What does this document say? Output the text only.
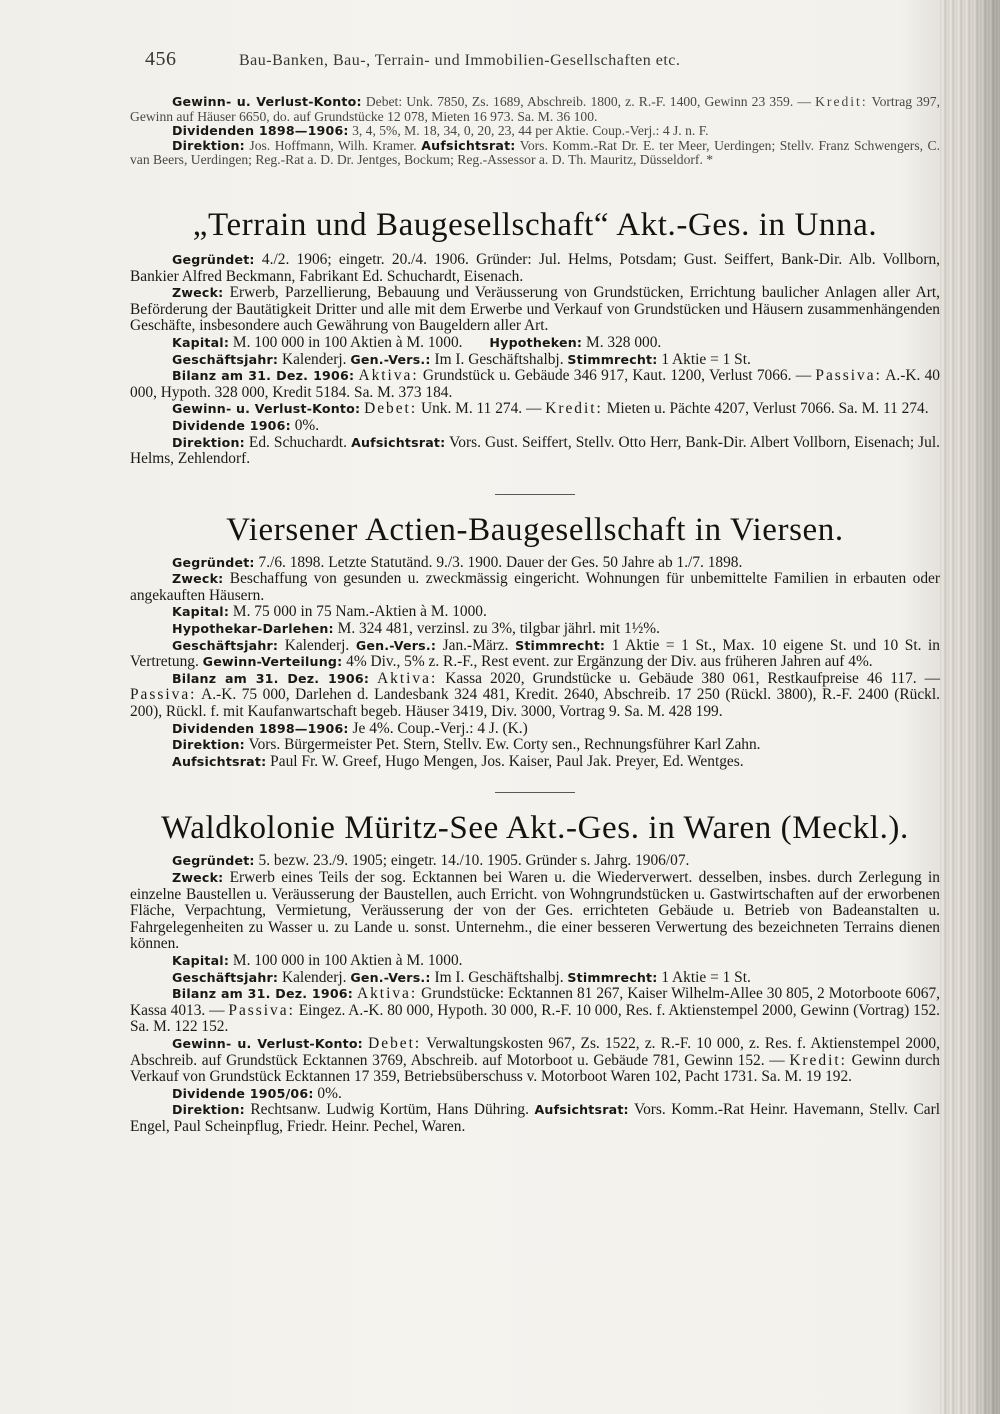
456	Bau-Banken, Bau-, Terrain- und Immobilien-Gesellschaften etc.

Gewinn- u. Verlust-Konto: Debet: Unk. 7850, Zs. 1689, Abschreib. 1800, z. R.-F. 1400, Gewinn 23 359. — Kredit: Vortrag 397, Gewinn auf Häuser 6650, do. auf Grundstücke 12 078, Mieten 16 973. Sa. M. 36 100.

Dividenden 1898—1906: 3, 4, 5%, M. 18, 34, 0, 20, 23, 44 per Aktie. Coup.-Verj.: 4 J. n. F.

Direktion: Jos. Hoffmann, Wilh. Kramer. Aufsichtsrat: Vors. Komm.-Rat Dr. E. ter Meer, Uerdingen; Stellv. Franz Schwengers, C. van Beers, Uerdingen; Reg.-Rat a. D. Dr. Jentges, Bockum; Reg.-Assessor a. D. Th. Mauritz, Düsseldorf. *

„Terrain und Baugesellschaft“ Akt.-Ges. in Unna.

Gegründet: 4./2. 1906; eingetr. 20./4. 1906. Gründer: Jul. Helms, Potsdam; Gust. Seiffert, Bank-Dir. Alb. Vollborn, Bankier Alfred Beckmann, Fabrikant Ed. Schuchardt, Eisenach.

Zweck: Erwerb, Parzellierung, Bebauung und Veräusserung von Grundstücken, Errichtung baulicher Anlagen aller Art, Beförderung der Bautätigkeit Dritter und alle mit dem Erwerbe und Verkauf von Grundstücken und Häusern zusammenhängenden Geschäfte, insbesondere auch Gewährung von Baugeldern aller Art.

Kapital: M. 100 000 in 100 Aktien à M. 1000. Hypotheken: M. 328 000.

Geschäftsjahr: Kalenderj. Gen.-Vers.: Im I. Geschäftshalbj. Stimmrecht: 1 Aktie = 1 St.

Bilanz am 31. Dez. 1906: Aktiva: Grundstück u. Gebäude 346 917, Kaut. 1200, Verlust 7066. — Passiva: A.-K. 40 000, Hypoth. 328 000, Kredit 5184. Sa. M. 373 184.

Gewinn- u. Verlust-Konto: Debet: Unk. M. 11 274. — Kredit: Mieten u. Pächte 4207, Verlust 7066. Sa. M. 11 274.

Dividende 1906: 0%.

Direktion: Ed. Schuchardt. Aufsichtsrat: Vors. Gust. Seiffert, Stellv. Otto Herr, Bank-Dir. Albert Vollborn, Eisenach; Jul. Helms, Zehlendorf.

Viersener Actien-Baugesellschaft in Viersen.

Gegründet: 7./6. 1898. Letzte Statutänd. 9./3. 1900. Dauer der Ges. 50 Jahre ab 1./7. 1898.

Zweck: Beschaffung von gesunden u. zweckmässig eingericht. Wohnungen für unbemittelte Familien in erbauten oder angekauften Häusern.

Kapital: M. 75 000 in 75 Nam.-Aktien à M. 1000.

Hypothekar-Darlehen: M. 324 481, verzinsl. zu 3%, tilgbar jährl. mit 1½%.

Geschäftsjahr: Kalenderj. Gen.-Vers.: Jan.-März. Stimmrecht: 1 Aktie = 1 St., Max. 10 eigene St. und 10 St. in Vertretung. Gewinn-Verteilung: 4% Div., 5% z. R.-F., Rest event. zur Ergänzung der Div. aus früheren Jahren auf 4%.

Bilanz am 31. Dez. 1906: Aktiva: Kassa 2020, Grundstücke u. Gebäude 380 061, Restkaufpreise 46 117. — Passiva: A.-K. 75 000, Darlehen d. Landesbank 324 481, Kredit. 2640, Abschreib. 17 250 (Rückl. 3800), R.-F. 2400 (Rückl. 200), Rückl. f. mit Kaufanwartschaft begeb. Häuser 3419, Div. 3000, Vortrag 9. Sa. M. 428 199.

Dividenden 1898—1906: Je 4%. Coup.-Verj.: 4 J. (K.)

Direktion: Vors. Bürgermeister Pet. Stern, Stellv. Ew. Corty sen., Rechnungsführer Karl Zahn.

Aufsichtsrat: Paul Fr. W. Greef, Hugo Mengen, Jos. Kaiser, Paul Jak. Preyer, Ed. Wentges.

Waldkolonie Müritz-See Akt.-Ges. in Waren (Meckl.).

Gegründet: 5. bezw. 23./9. 1905; eingetr. 14./10. 1905. Gründer s. Jahrg. 1906/07.

Zweck: Erwerb eines Teils der sog. Ecktannen bei Waren u. die Wiederverwert. desselben, insbes. durch Zerlegung in einzelne Baustellen u. Veräusserung der Baustellen, auch Erricht. von Wohngrundstücken u. Gastwirtschaften auf der erworbenen Fläche, Verpachtung, Vermietung, Veräusserung der von der Ges. errichteten Gebäude u. Betrieb von Badeanstalten u. Fahrgelegenheiten zu Wasser u. zu Lande u. sonst. Unternehm., die einer besseren Verwertung des bezeichneten Terrains dienen können.

Kapital: M. 100 000 in 100 Aktien à M. 1000.

Geschäftsjahr: Kalenderj. Gen.-Vers.: Im I. Geschäftshalbj. Stimmrecht: 1 Aktie = 1 St.

Bilanz am 31. Dez. 1906: Aktiva: Grundstücke: Ecktannen 81 267, Kaiser Wilhelm-Allee 30 805, 2 Motorboote 6067, Kassa 4013. — Passiva: Eingez. A.-K. 80 000, Hypoth. 30 000, R.-F. 10 000, Res. f. Aktienstempel 2000, Gewinn (Vortrag) 152. Sa. M. 122 152.

Gewinn- u. Verlust-Konto: Debet: Verwaltungskosten 967, Zs. 1522, z. R.-F. 10 000, z. Res. f. Aktienstempel 2000, Abschreib. auf Grundstück Ecktannen 3769, Abschreib. auf Motorboot u. Gebäude 781, Gewinn 152. — Kredit: Gewinn durch Verkauf von Grundstück Ecktannen 17 359, Betriebsüberschuss v. Motorboot Waren 102, Pacht 1731. Sa. M. 19 192.

Dividende 1905/06: 0%.

Direktion: Rechtsanw. Ludwig Kortüm, Hans Dühring. Aufsichtsrat: Vors. Komm.-Rat Heinr. Havemann, Stellv. Carl Engel, Paul Scheinpflug, Friedr. Heinr. Pechel, Waren.
